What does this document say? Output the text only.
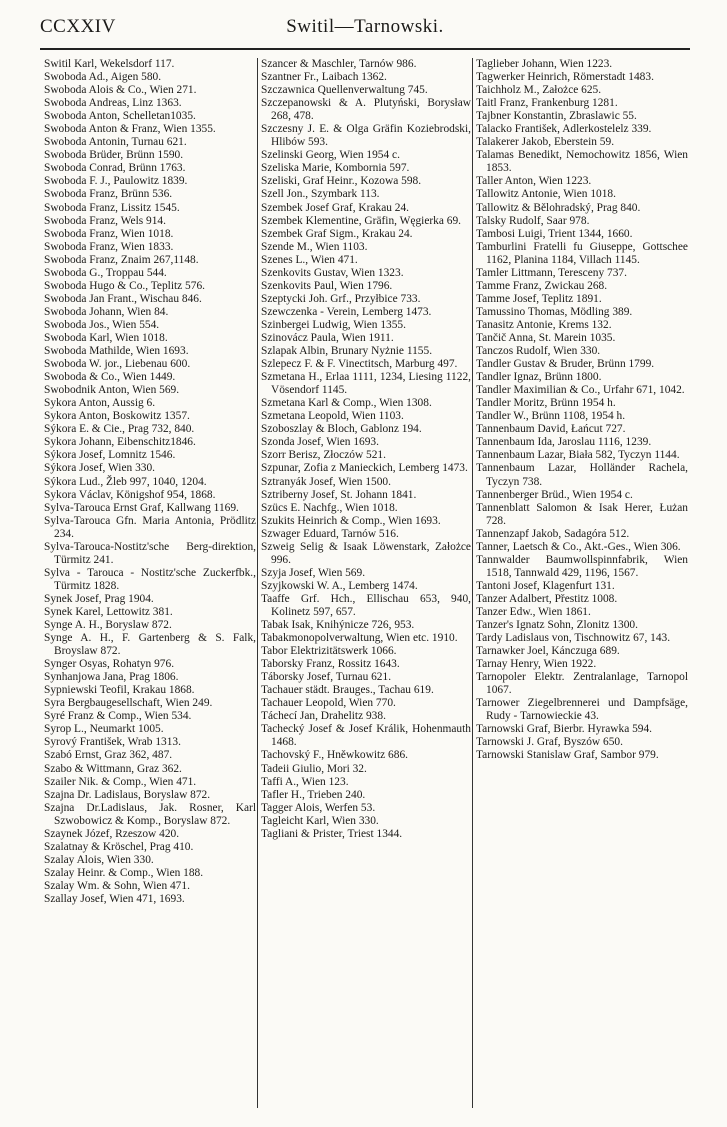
CCXXIV	Switil—Tarnowski.
Switil Karl, Wekelsdorf 117.
Swoboda Ad., Aigen 580.
Swoboda Alois & Co., Wien 271.
Swoboda Andreas, Linz 1363.
Swoboda Anton, Schelletan1035.
Swoboda Anton & Franz, Wien 1355.
Swoboda Antonin, Turnau 621.
Swoboda Brüder, Brünn 1590.
Swoboda Conrad, Brünn 1763.
Swoboda F. J., Paulowitz 1839.
Swoboda Franz, Brünn 536.
Swoboda Franz, Lissitz 1545.
Swoboda Franz, Wels 914.
Swoboda Franz, Wien 1018.
Swoboda Franz, Wien 1833.
Swoboda Franz, Znaim 267,1148.
Swoboda G., Troppau 544.
Swoboda Hugo & Co., Teplitz 576.
Swoboda Jan Frant., Wischau 846.
Swoboda Johann, Wien 84.
Swoboda Jos., Wien 554.
Swoboda Karl, Wien 1018.
Swoboda Mathilde, Wien 1693.
Swoboda W. jor., Liebenau 600.
Swoboda & Co., Wien 1449.
Swobodnik Anton, Wien 569.
Sykora Anton, Aussig 6.
Sykora Anton, Boskowitz 1357.
Sýkora E. & Cie., Prag 732, 840.
Sykora Johann, Eibenschitz1846.
Sýkora Josef, Lomnitz 1546.
Sýkora Josef, Wien 330.
Sýkora Lud., Žleb 997, 1040, 1204.
Sykora Václav, Königshof 954, 1868.
Sylva-Tarouca Ernst Graf, Kallwang 1169.
Sylva-Tarouca Gfn. Maria Antonia, Prödlitz 234.
Sylva-Tarouca-Nostitz'sche Berg-direktion, Türmitz 241.
Sylva - Tarouca - Nostitz'sche Zuckerfbk., Türmitz 1828.
Synek Josef, Prag 1904.
Synek Karel, Lettowitz 381.
Synge A. H., Boryslaw 872.
Synge A. H., F. Gartenberg & S. Falk, Broyslaw 872.
Synger Osyas, Rohatyn 976.
Synhanjowa Jana, Prag 1806.
Sypniewski Teofil, Krakau 1868.
Syra Bergbaugesellschaft, Wien 249.
Syré Franz & Comp., Wien 534.
Syrop L., Neumarkt 1005.
Syrový František, Wrab 1313.
Szabó Ernst, Graz 362, 487.
Szabo & Wittmann, Graz 362.
Szailer Nik. & Comp., Wien 471.
Szajna Dr. Ladislaus, Boryslaw 872.
Szajna Dr.Ladislaus, Jak. Rosner, Karl Szwobowicz & Komp., Boryslaw 872.
Szaynek Józef, Rzeszow 420.
Szalatnay & Kröschel, Prag 410.
Szalay Alois, Wien 330.
Szalay Heinr. & Comp., Wien 188.
Szalay Wm. & Sohn, Wien 471.
Szallay Josef, Wien 471, 1693.
Szancer & Maschler, Tarnów 986.
Szantner Fr., Laibach 1362.
Szczawnica Quellenverwaltung 745.
Szczepanowski & A. Plutyński, Borysław 268, 478.
Szczesny J. E. & Olga Gräfin Koziebrodski, Hlibów 593.
Szelinski Georg, Wien 1954 c.
Szeliska Marie, Kombornia 597.
Szeliski, Graf Heinr., Kozowa 598.
Szell Jon., Szymbark 113.
Szembek Josef Graf, Krakau 24.
Szembek Klementine, Gräfin, Węgierka 69.
Szembek Graf Sigm., Krakau 24.
Szende M., Wien 1103.
Szenes L., Wien 471.
Szenkovits Gustav, Wien 1323.
Szenkovits Paul, Wien 1796.
Szeptycki Joh. Grf., Przyłbice 733.
Szewczenka - Verein, Lemberg 1473.
Szinbergei Ludwig, Wien 1355.
Szinovácz Paula, Wien 1911.
Szlapak Albin, Brunary Nyżnie 1155.
Szlepecz F. & F. Vinectitsch, Marburg 497.
Szmetana H., Erlaa 1111, 1234, Liesing 1122, Vösendorf 1145.
Szmetana Karl & Comp., Wien 1308.
Szmetana Leopold, Wien 1103.
Szoboszlay & Bloch, Gablonz 194.
Szonda Josef, Wien 1693.
Szorr Berisz, Złoczów 521.
Szpunar, Zofia z Manieckich, Lemberg 1473.
Sztranyák Josef, Wien 1500.
Sztriberny Josef, St. Johann 1841.
Szücs E. Nachfg., Wien 1018.
Szukits Heinrich & Comp., Wien 1693.
Szwager Eduard, Tarnów 516.
Szweig Selig & Isaak Löwenstark, Założce 996.
Szyja Josef, Wien 569.
Szyjkowski W. A., Lemberg 1474.
Taaffe Grf. Hch., Ellischau 653, 940, Kolinetz 597, 657.
Tabak Isak, Knihýnicze 726, 953.
Tabakmonopolverwaltung, Wien etc. 1910.
Tabor Elektrizitätswerk 1066.
Taborsky Franz, Rossitz 1643.
Táborsky Josef, Turnau 621.
Tachauer städt. Brauges., Tachau 619.
Tachauer Leopold, Wien 770.
Táchecí Jan, Drahelitz 938.
Tachecký Josef & Josef Králik, Hohenmauth 1468.
Tachovský F., Hněwkowitz 686.
Tadeii Giulio, Mori 32.
Taffi A., Wien 123.
Tafler H., Trieben 240.
Tagger Alois, Werfen 53.
Tagleicht Karl, Wien 330.
Tagliani & Prister, Triest 1344.
Taglieber Johann, Wien 1223.
Tagwerker Heinrich, Römerstadt 1483.
Taichholz M., Założce 625.
Taitl Franz, Frankenburg 1281.
Tajbner Konstantin, Zbraslawic 55.
Talacko František, Adlerkostelelz 339.
Talakerer Jakob, Eberstein 59.
Talamas Benedikt, Nemochowitz 1856, Wien 1853.
Taller Anton, Wien 1223.
Tallowitz Antonie, Wien 1018.
Tallowitz & Bělohradský, Prag 840.
Talsky Rudolf, Saar 978.
Tambosi Luigi, Trient 1344, 1660.
Tamburlini Fratelli fu Giuseppe, Gottschee 1162, Planina 1184, Villach 1145.
Tamler Littmann, Teresceny 737.
Tamme Franz, Zwickau 268.
Tamme Josef, Teplitz 1891.
Tamussino Thomas, Mödling 389.
Tanasitz Antonie, Krems 132.
Tančič Anna, St. Marein 1035.
Tanczos Rudolf, Wien 330.
Tandler Gustav & Bruder, Brünn 1799.
Tandler Ignaz, Brünn 1800.
Tandler Maximilian & Co., Urfahr 671, 1042.
Tandler Moritz, Brünn 1954 h.
Tandler W., Brünn 1108, 1954 h.
Tannenbaum David, Łańcut 727.
Tannenbaum Ida, Jaroslau 1116, 1239.
Tannenbaum Lazar, Biała 582, Tyczyn 1144.
Tannenbaum Lazar, Holländer Rachela, Tyczyn 738.
Tannenberger Brüd., Wien 1954 c.
Tannenblatt Salomon & Isak Herer, Łużan 728.
Tannenzapf Jakob, Sadagóra 512.
Tanner, Laetsch & Co., Akt.-Ges., Wien 306.
Tannwalder Baumwollspinnfabrik, Wien 1518, Tannwald 429, 1196, 1567.
Tantoni Josef, Klagenfurt 131.
Tanzer Adalbert, Přestitz 1008.
Tanzer Edw., Wien 1861.
Tanzer's Ignatz Sohn, Zlonitz 1300.
Tardy Ladislaus von, Tischnowitz 67, 143.
Tarnawker Joel, Kánczuga 689.
Tarnay Henry, Wien 1922.
Tarnopoler Elektr. Zentralanlage, Tarnopol 1067.
Tarnower Ziegelbrennerei und Dampfsäge, Rudy - Tarnowieckie 43.
Tarnowski Graf, Bierbr. Hyrawka 594.
Tarnowski J. Graf, Byszów 650.
Tarnowski Stanislaw Graf, Sambor 979.
